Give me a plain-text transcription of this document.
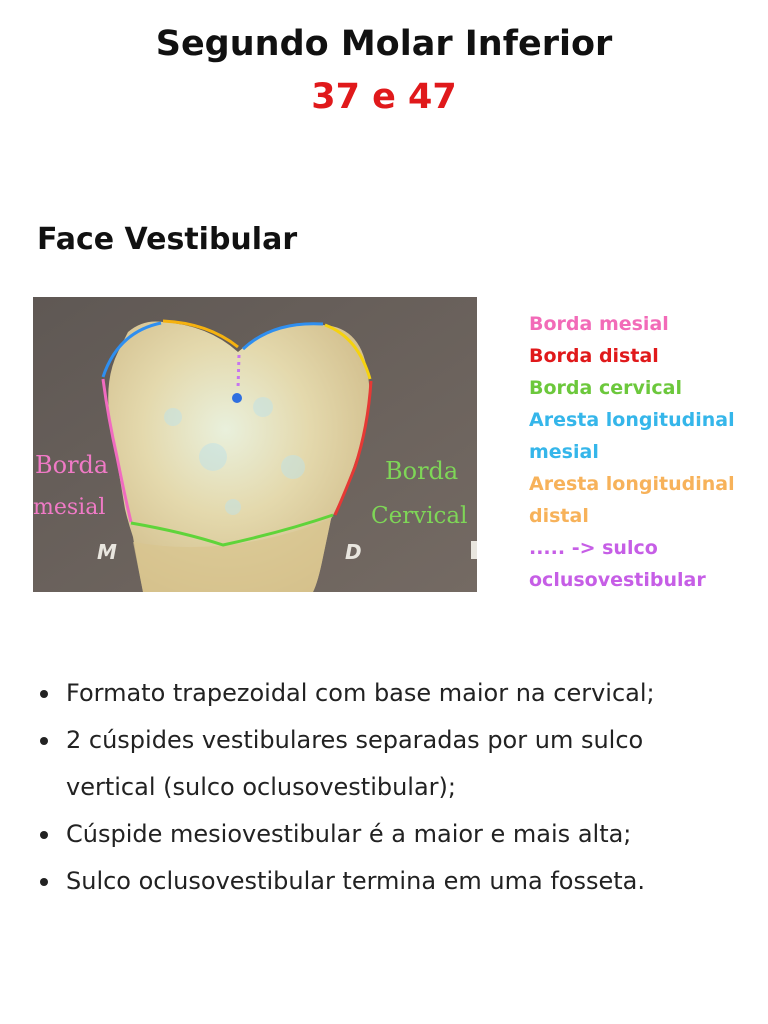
Segundo Molar Inferior
37 e 47
Face Vestibular
Borda
mesial
Borda
Cervical
M	D
Borda mesial
Borda distal
Borda cervical
Aresta longitudinal mesial
Aresta longitudinal distal
..... -> sulco oclusovestibular
Formato trapezoidal com base maior na cervical;
2 cúspides vestibulares separadas por um sulco vertical (sulco oclusovestibular);
Cúspide mesiovestibular é a maior e mais alta;
Sulco oclusovestibular termina em uma fosseta.
